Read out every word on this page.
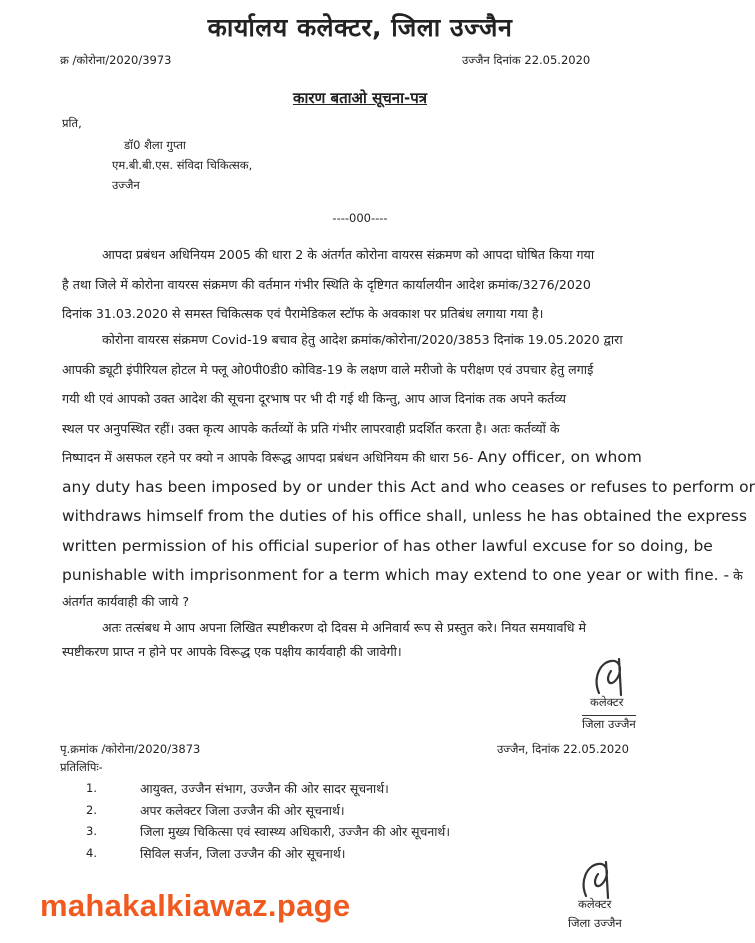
कार्यालय कलेक्टर, जिला उज्जैन
क्र /कोरोना/2020/3973	उज्जैन दिनांक 22.05.2020
कारण बताओ सूचना-पत्र
प्रति,
डॉ0 शैला गुप्ता
एम.बी.बी.एस. संविदा चिकित्सक,
उज्जैन
----000----
आपदा प्रबंधन अधिनियम 2005 की धारा 2 के अंतर्गत कोरोना वायरस संक्रमण को आपदा घोषित किया गया
है तथा जिले में कोरोना वायरस संक्रमण की वर्तमान गंभीर स्थिति के दृष्टिगत कार्यालयीन आदेश क्रमांक/3276/2020
दिनांक 31.03.2020 से समस्त चिकित्सक एवं पैरामेडिकल स्टॉफ के अवकाश पर प्रतिबंध लगाया गया है।
कोरोना वायरस संक्रमण Covid-19 बचाव हेतु आदेश क्रमांक/कोरोना/2020/3853 दिनांक 19.05.2020 द्वारा
आपकी ड्यूटी इंपीरियल होटल मे फ्लू ओ0पी0डी0 कोविड-19 के लक्षण वाले मरीजो के परीक्षण एवं उपचार हेतु लगाई
गयी थी एवं आपको उक्त आदेश की सूचना दूरभाष पर भी दी गई थी किन्तु, आप आज दिनांक तक अपने कर्तव्य
स्थल पर अनुपस्थित रहीं। उक्त कृत्य आपके कर्तव्यों के प्रति गंभीर लापरवाही प्रदर्शित करता है। अतः कर्तव्यों के
निष्पादन में असफल रहने पर क्यो न आपके विरूद्ध आपदा प्रबंधन अधिनियम की धारा 56- Any officer, on whom
any duty has been imposed by or under this Act and who ceases or refuses to perform or
withdraws himself from the duties of his office shall, unless he has obtained the express
written permission of his official superior of has other lawful excuse for so doing, be
punishable with imprisonment for a term which may extend to one year or with fine. - के
अंतर्गत कार्यवाही की जाये ?
अतः तत्संबध मे आप अपना लिखित स्पष्टीकरण दो दिवस मे अनिवार्य रूप से प्रस्तुत करे। नियत समयावधि मे
स्पष्टीकरण प्राप्त न होने पर आपके विरूद्ध एक पक्षीय कार्यवाही की जावेगी।
कलेक्टर
जिला उज्जैन
पृ.क्रमांक /कोरोना/2020/3873	उज्जैन, दिनांक 22.05.2020
प्रतिलिपिः-
1.	आयुक्त, उज्जैन संभाग, उज्जैन की ओर सादर सूचनार्थ।
2.	अपर कलेक्टर जिला उज्जैन की ओर सूचनार्थ।
3.	जिला मुख्य चिकित्सा एवं स्वास्थ्य अधिकारी, उज्जैन की ओर सूचनार्थ।
4.	सिविल सर्जन, जिला उज्जैन की ओर सूचनार्थ।
कलेक्टर
जिला उज्जैन
mahakalkiawaz.page
